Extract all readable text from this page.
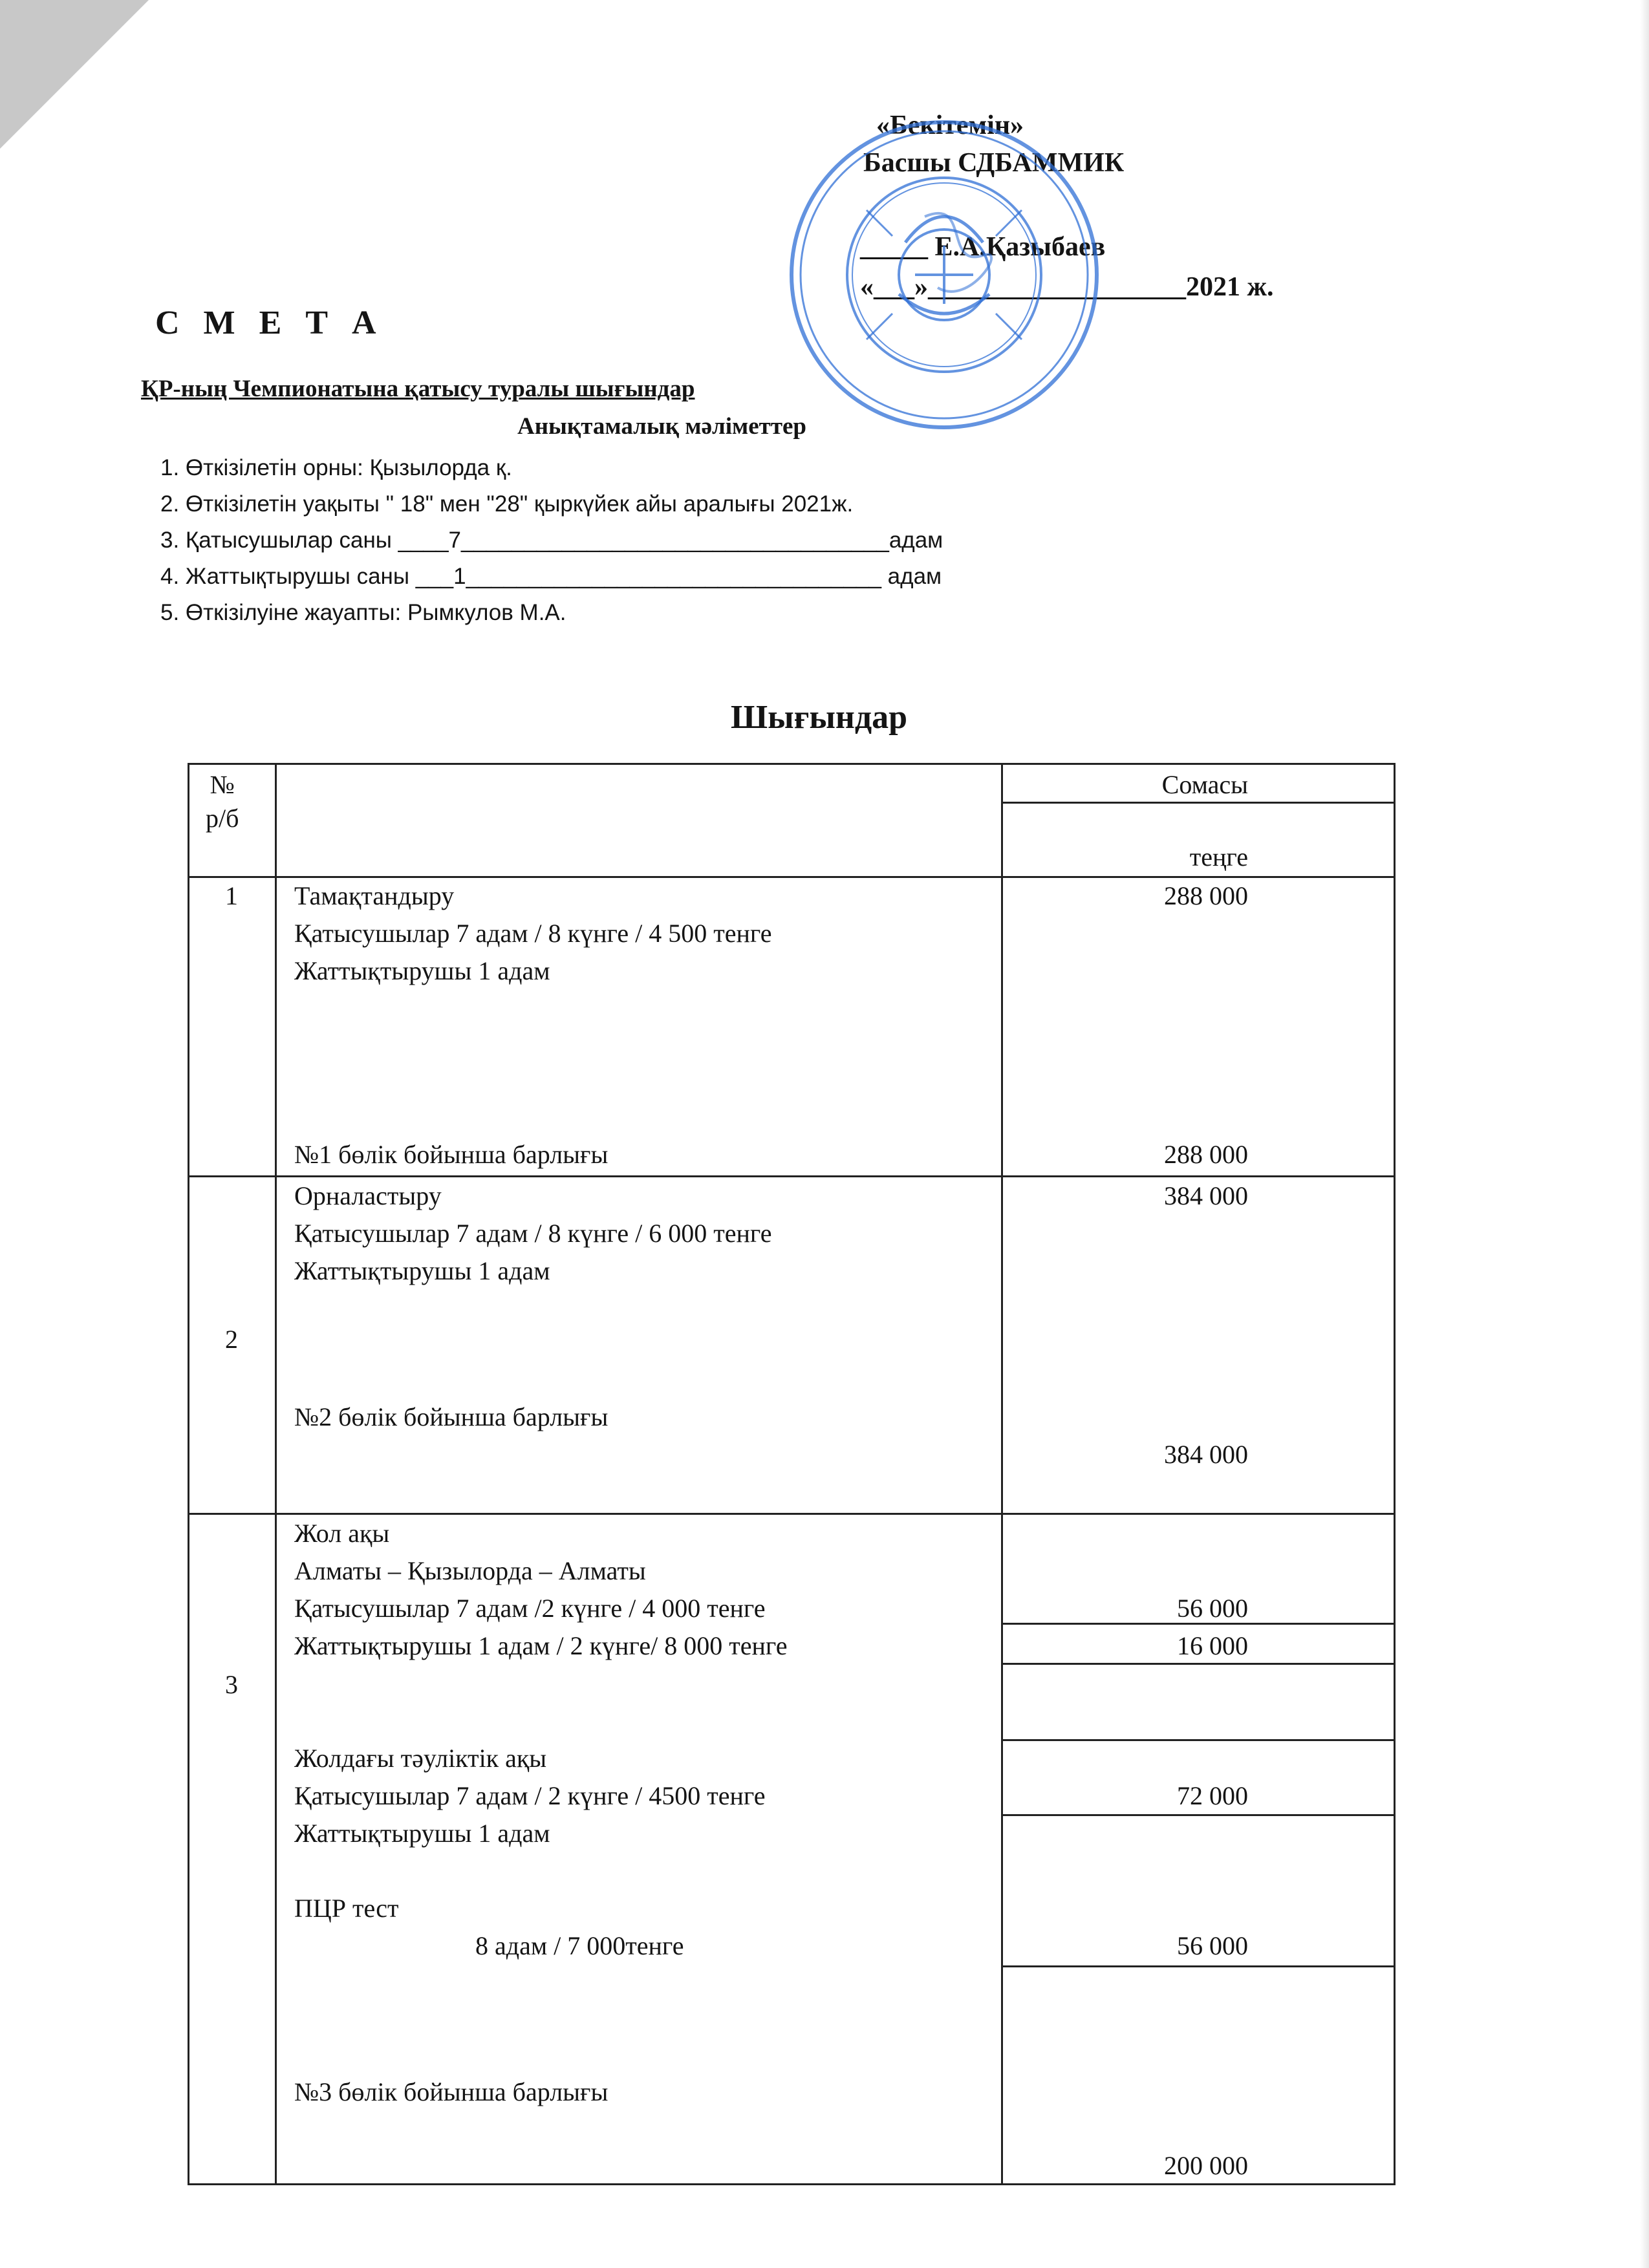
«Бекітемін»
Басшы СДБАММИК
_____ Е.А.Қазыбаев
«___»___________________2021 ж.
С М Е Т А
ҚР-ның Чемпионатына қатысу туралы шығындар
Анықтамалық мәліметтер
1. Өткізілетін орны: Қызылорда қ.
2. Өткізілетін уақыты " 18" мен "28" қыркүйек айы аралығы 2021ж.
3. Қатысушылар саны ____7__________________________________адам
4. Жаттықтырушы саны ___1_________________________________ адам
5. Өткізілуіне жауапты: Рымкулов М.А.
Шығындар
№
р/б
Сомасы
теңге
1	Тамақтандыру
Қатысушылар 7 адам / 8 күнге / 4 500 тенге
Жаттықтырушы 1 адам
№1 бөлік бойынша барлығы
288 000
288 000
2
Орналастыру
Қатысушылар 7 адам / 8 күнге / 6 000 тенге
Жаттықтырушы 1 адам
№2 бөлік бойынша барлығы
384 000
384 000
3
Жол ақы
Алматы – Қызылорда – Алматы
Қатысушылар 7 адам /2 күнге / 4 000 тенге
Жаттықтырушы 1 адам / 2 күнге/ 8 000 тенге
Жолдағы тәуліктік ақы
Қатысушылар 7 адам / 2 күнге / 4500 тенге
Жаттықтырушы 1 адам
ПЦР тест
8 адам / 7 000тенге
№3 бөлік бойынша барлығы
56 000
16 000
72 000
56 000
200 000
